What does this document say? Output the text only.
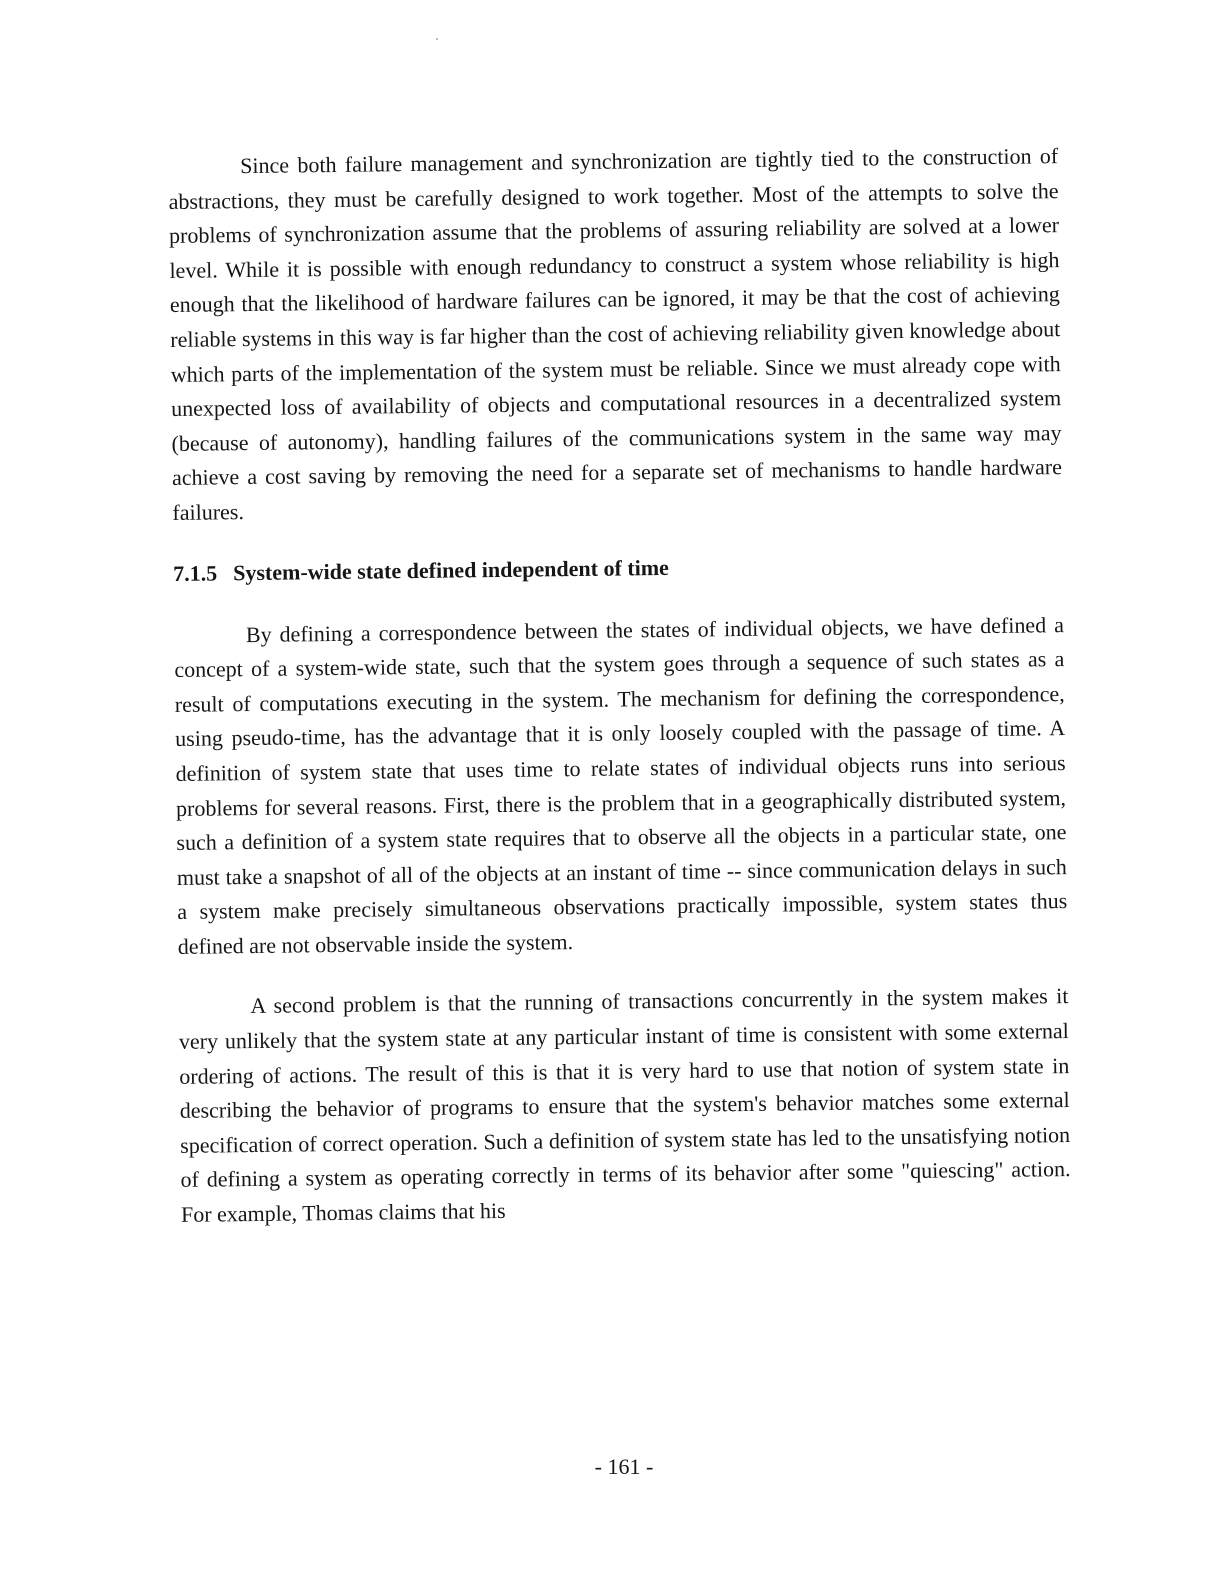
Since both failure management and synchronization are tightly tied to the construction of abstractions, they must be carefully designed to work together. Most of the attempts to solve the problems of synchronization assume that the problems of assuring reliability are solved at a lower level. While it is possible with enough redundancy to construct a system whose reliability is high enough that the likelihood of hardware failures can be ignored, it may be that the cost of achieving reliable systems in this way is far higher than the cost of achieving reliability given knowledge about which parts of the implementation of the system must be reliable. Since we must already cope with unexpected loss of availability of objects and computational resources in a decentralized system (because of autonomy), handling failures of the communications system in the same way may achieve a cost saving by removing the need for a separate set of mechanisms to handle hardware failures.

7.1.5 System-wide state defined independent of time

By defining a correspondence between the states of individual objects, we have defined a concept of a system-wide state, such that the system goes through a sequence of such states as a result of computations executing in the system. The mechanism for defining the correspondence, using pseudo-time, has the advantage that it is only loosely coupled with the passage of time. A definition of system state that uses time to relate states of individual objects runs into serious problems for several reasons. First, there is the problem that in a geographically distributed system, such a definition of a system state requires that to observe all the objects in a particular state, one must take a snapshot of all of the objects at an instant of time -- since communication delays in such a system make precisely simultaneous observations practically impossible, system states thus defined are not observable inside the system.

A second problem is that the running of transactions concurrently in the system makes it very unlikely that the system state at any particular instant of time is consistent with some external ordering of actions. The result of this is that it is very hard to use that notion of system state in describing the behavior of programs to ensure that the system's behavior matches some external specification of correct operation. Such a definition of system state has led to the unsatisfying notion of defining a system as operating correctly in terms of its behavior after some "quiescing" action. For example, Thomas claims that his

- 161 -
